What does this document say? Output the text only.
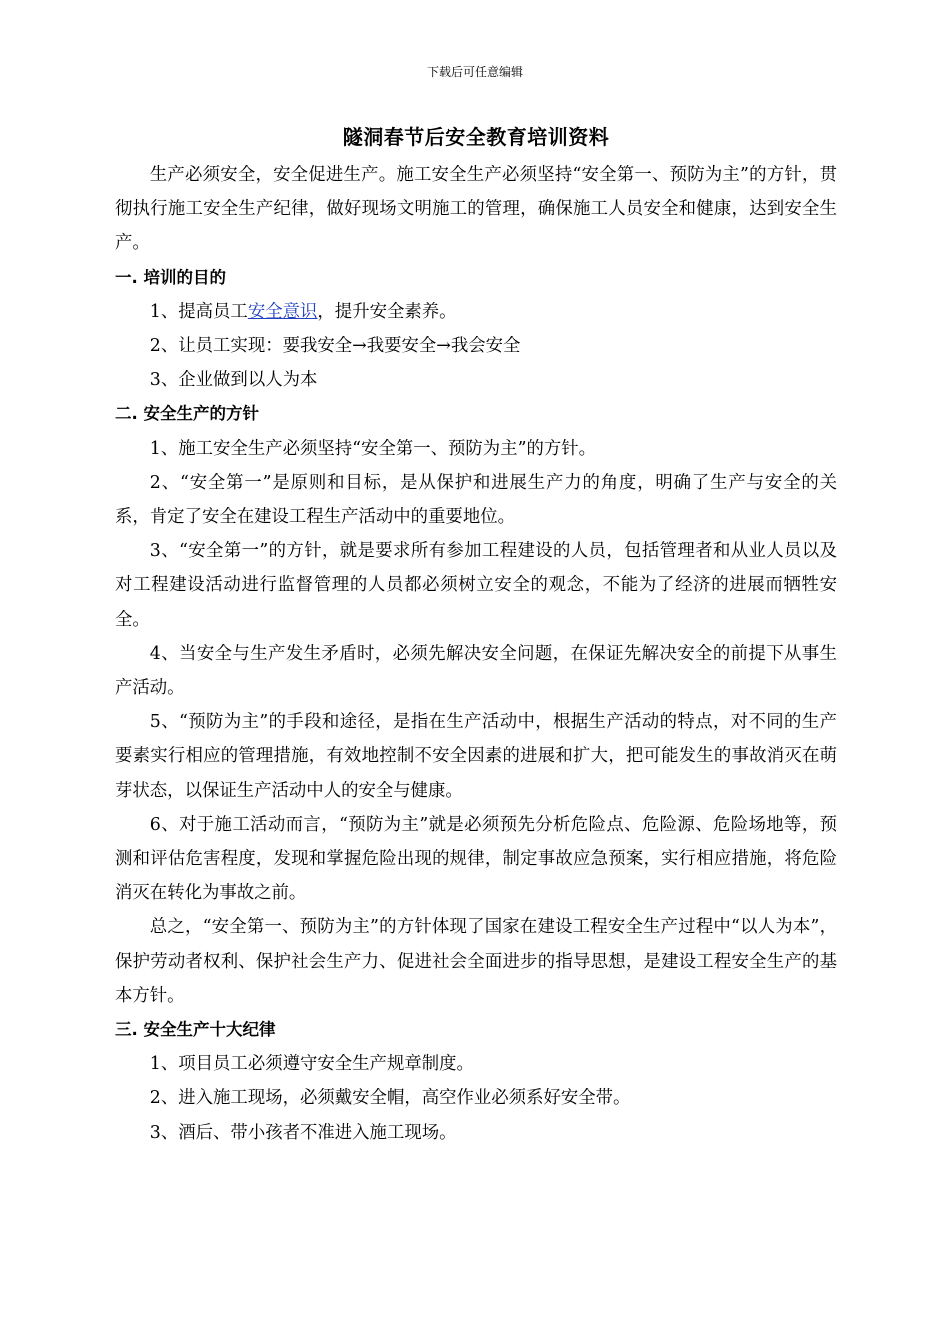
下载后可任意编辑
隧洞春节后安全教育培训资料

生产必须安全，安全促进生产。施工安全生产必须坚持“安全第一、预防为主”的方针，贯彻执行施工安全生产纪律，做好现场文明施工的管理，确保施工人员安全和健康，达到安全生产。

一. 培训的目的

1、提高员工安全意识，提升安全素养。

2、让员工实现：要我安全→我要安全→我会安全

3、企业做到以人为本

二. 安全生产的方针

1、施工安全生产必须坚持“安全第一、预防为主”的方针。

2、“安全第一”是原则和目标，是从保护和进展生产力的角度，明确了生产与安全的关系，肯定了安全在建设工程生产活动中的重要地位。

3、“安全第一”的方针，就是要求所有参加工程建设的人员，包括管理者和从业人员以及对工程建设活动进行监督管理的人员都必须树立安全的观念，不能为了经济的进展而牺牲安全。

4、当安全与生产发生矛盾时，必须先解决安全问题，在保证先解决安全的前提下从事生产活动。

5、“预防为主”的手段和途径，是指在生产活动中，根据生产活动的特点，对不同的生产要素实行相应的管理措施，有效地控制不安全因素的进展和扩大，把可能发生的事故消灭在萌芽状态，以保证生产活动中人的安全与健康。

6、对于施工活动而言，“预防为主”就是必须预先分析危险点、危险源、危险场地等，预测和评估危害程度，发现和掌握危险出现的规律，制定事故应急预案，实行相应措施，将危险消灭在转化为事故之前。

总之，“安全第一、预防为主”的方针体现了国家在建设工程安全生产过程中“以人为本”，保护劳动者权利、保护社会生产力、促进社会全面进步的指导思想，是建设工程安全生产的基本方针。

三. 安全生产十大纪律

1、项目员工必须遵守安全生产规章制度。

2、进入施工现场，必须戴安全帽，高空作业必须系好安全带。

3、酒后、带小孩者不准进入施工现场。
